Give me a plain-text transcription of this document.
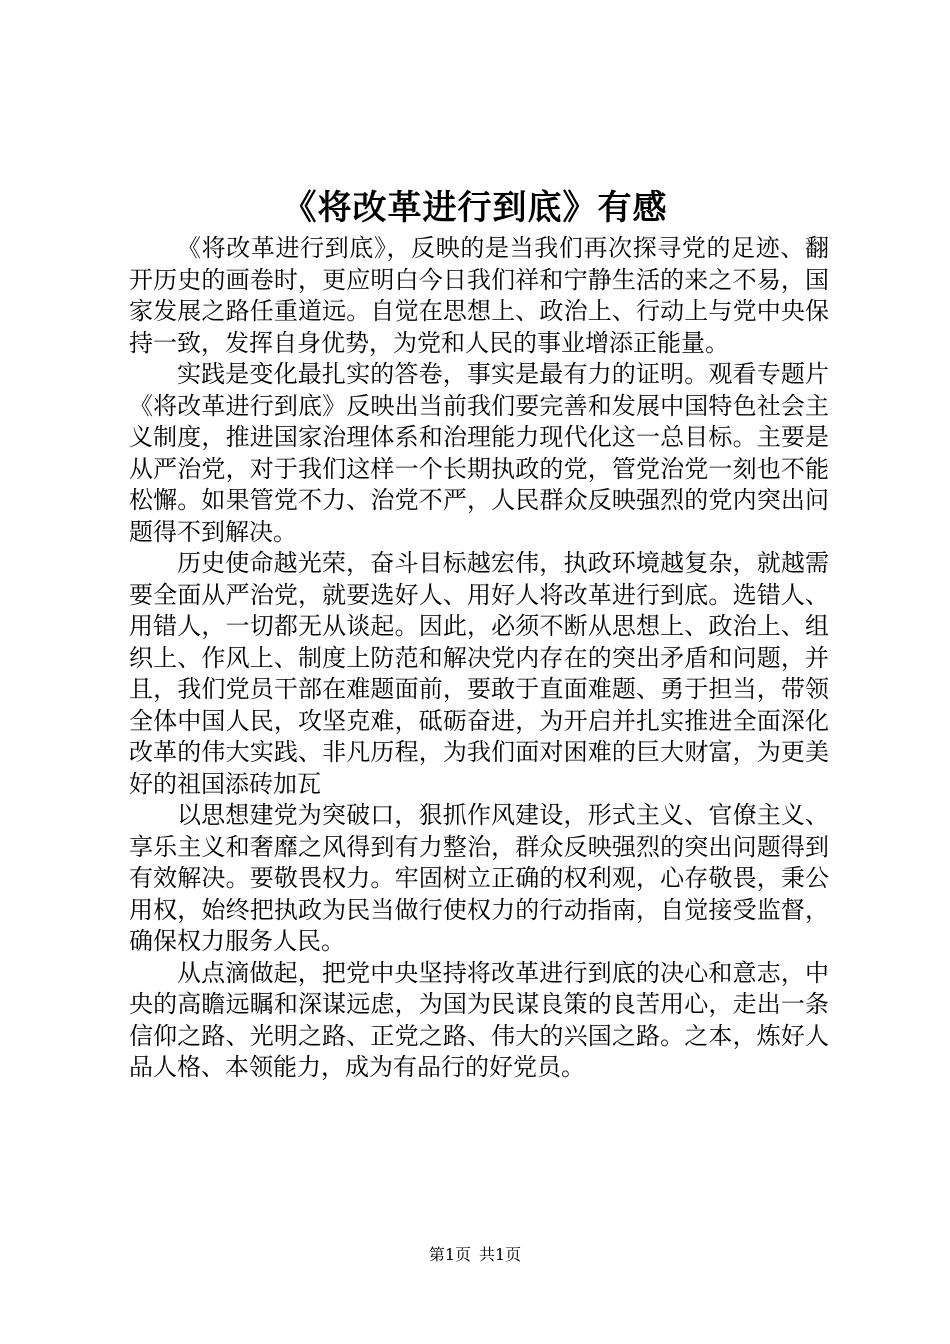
《将改革进行到底》有感

《将改革进行到底》，反映的是当我们再次探寻党的足迹、翻开历史的画卷时，更应明白今日我们祥和宁静生活的来之不易，国家发展之路任重道远。自觉在思想上、政治上、行动上与党中央保持一致，发挥自身优势，为党和人民的事业增添正能量。

实践是变化最扎实的答卷，事实是最有力的证明。观看专题片《将改革进行到底》反映出当前我们要完善和发展中国特色社会主义制度，推进国家治理体系和治理能力现代化这一总目标。主要是从严治党，对于我们这样一个长期执政的党，管党治党一刻也不能松懈。如果管党不力、治党不严，人民群众反映强烈的党内突出问题得不到解决。

历史使命越光荣，奋斗目标越宏伟，执政环境越复杂，就越需要全面从严治党，就要选好人、用好人将改革进行到底。选错人、用错人，一切都无从谈起。因此，必须不断从思想上、政治上、组织上、作风上、制度上防范和解决党内存在的突出矛盾和问题，并且，我们党员干部在难题面前，要敢于直面难题、勇于担当，带领全体中国人民，攻坚克难，砥砺奋进，为开启并扎实推进全面深化改革的伟大实践、非凡历程，为我们面对困难的巨大财富，为更美好的祖国添砖加瓦

以思想建党为突破口，狠抓作风建设，形式主义、官僚主义、享乐主义和奢靡之风得到有力整治，群众反映强烈的突出问题得到有效解决。要敬畏权力。牢固树立正确的权利观，心存敬畏，秉公用权，始终把执政为民当做行使权力的行动指南，自觉接受监督，确保权力服务人民。

从点滴做起，把党中央坚持将改革进行到底的决心和意志，中央的高瞻远瞩和深谋远虑，为国为民谋良策的良苦用心，走出一条信仰之路、光明之路、正党之路、伟大的兴国之路。之本，炼好人品人格、本领能力，成为有品行的好党员。

第1页 共1页
